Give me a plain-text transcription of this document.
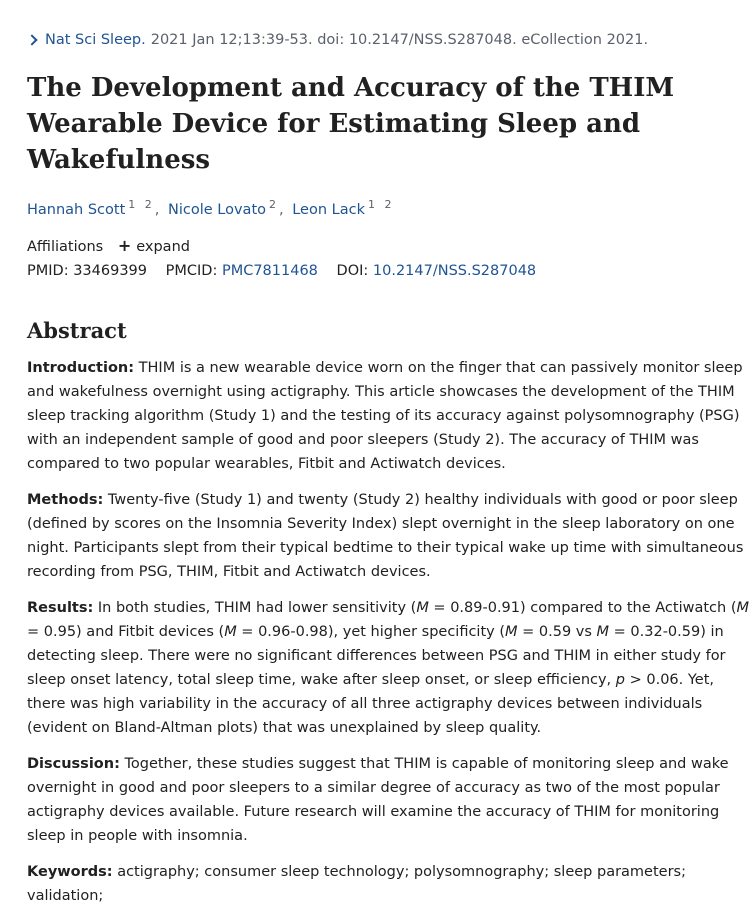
Nat Sci Sleep. 2021 Jan 12;13:39-53. doi: 10.2147/NSS.S287048. eCollection 2021.
The Development and Accuracy of the THIM Wearable Device for Estimating Sleep and Wakefulness
Hannah Scott $^{1 2}$, Nicole Lovato $^2$, Leon Lack $^{1 2}$
Affiliations + expand
PMID: 33469399 PMCID: PMC7811468 DOI: 10.2147/NSS.S287048
Abstract

Introduction: THIM is a new wearable device worn on the finger that can passively monitor sleep and wakefulness overnight using actigraphy. This article showcases the development of the THIM sleep tracking algorithm (Study 1) and the testing of its accuracy against polysomnography (PSG) with an independent sample of good and poor sleepers (Study 2). The accuracy of THIM was compared to two popular wearables, Fitbit and Actiwatch devices.

Methods: Twenty-five (Study 1) and twenty (Study 2) healthy individuals with good or poor sleep (defined by scores on the Insomnia Severity Index) slept overnight in the sleep laboratory on one night. Participants slept from their typical bedtime to their typical wake up time with simultaneous recording from PSG, THIM, Fitbit and Actiwatch devices.

Results: In both studies, THIM had lower sensitivity (M = 0.89-0.91) compared to the Actiwatch (M = 0.95) and Fitbit devices (M = 0.96-0.98), yet higher specificity (M = 0.59 vs M = 0.32-0.59) in detecting sleep. There were no significant differences between PSG and THIM in either study for sleep onset latency, total sleep time, wake after sleep onset, or sleep efficiency, p > 0.06. Yet, there was high variability in the accuracy of all three actigraphy devices between individuals (evident on Bland-Altman plots) that was unexplained by sleep quality.

Discussion: Together, these studies suggest that THIM is capable of monitoring sleep and wake overnight in good and poor sleepers to a similar degree of accuracy as two of the most popular actigraphy devices available. Future research will examine the accuracy of THIM for monitoring sleep in people with insomnia.

Keywords: actigraphy; consumer sleep technology; polysomnography; sleep parameters; validation;
